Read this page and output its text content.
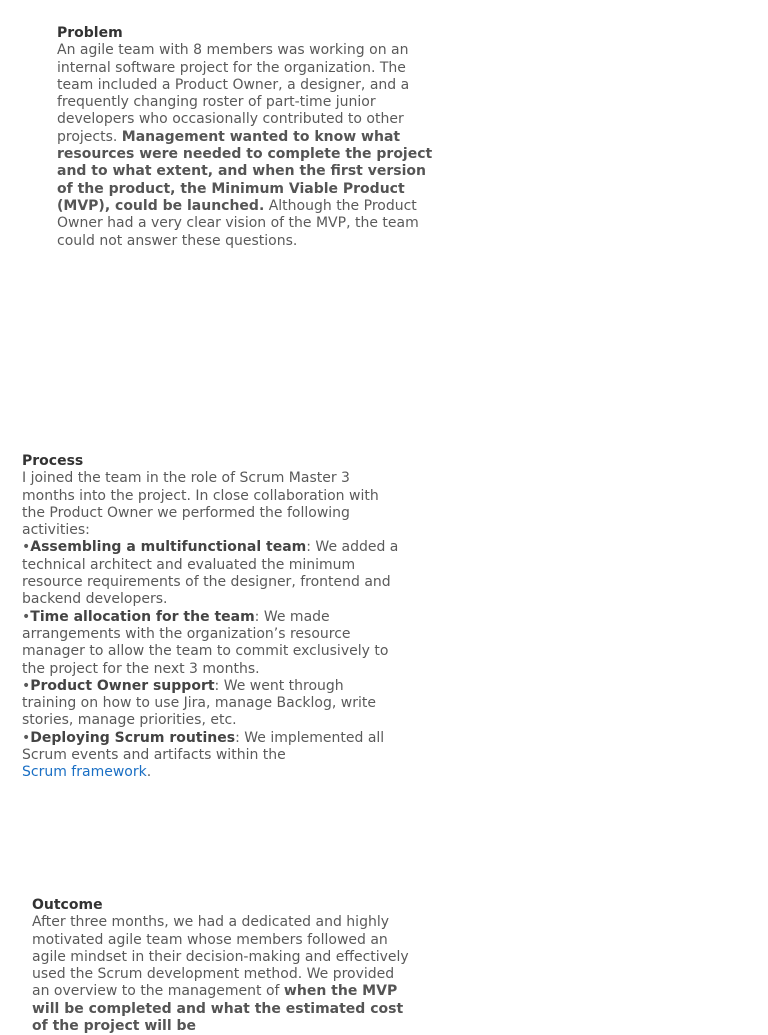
Problem

An agile team with 8 members was working on an internal software project for the organization. The team included a Product Owner, a designer, and a frequently changing roster of part-time junior developers who occasionally contributed to other projects. Management wanted to know what resources were needed to complete the project and to what extent, and when the first version of the product, the Minimum Viable Product (MVP), could be launched. Although the Product Owner had a very clear vision of the MVP, the team could not answer these questions.

Process

I joined the team in the role of Scrum Master 3 months into the project. In close collaboration with the Product Owner we performed the following activities:

•Assembling a multifunctional team: We added a technical architect and evaluated the minimum resource requirements of the designer, frontend and backend developers.

•Time allocation for the team: We made arrangements with the organization’s resource manager to allow the team to commit exclusively to the project for the next 3 months.

•Product Owner support: We went through training on how to use Jira, manage Backlog, write stories, manage priorities, etc.

•Deploying Scrum routines: We implemented all Scrum events and artifacts within the
Scrum framework.

Outcome

After three months, we had a dedicated and highly motivated agile team whose members followed an agile mindset in their decision-making and effectively used the Scrum development method. We provided an overview to the management of when the MVP will be completed and what the estimated cost of the project will be
